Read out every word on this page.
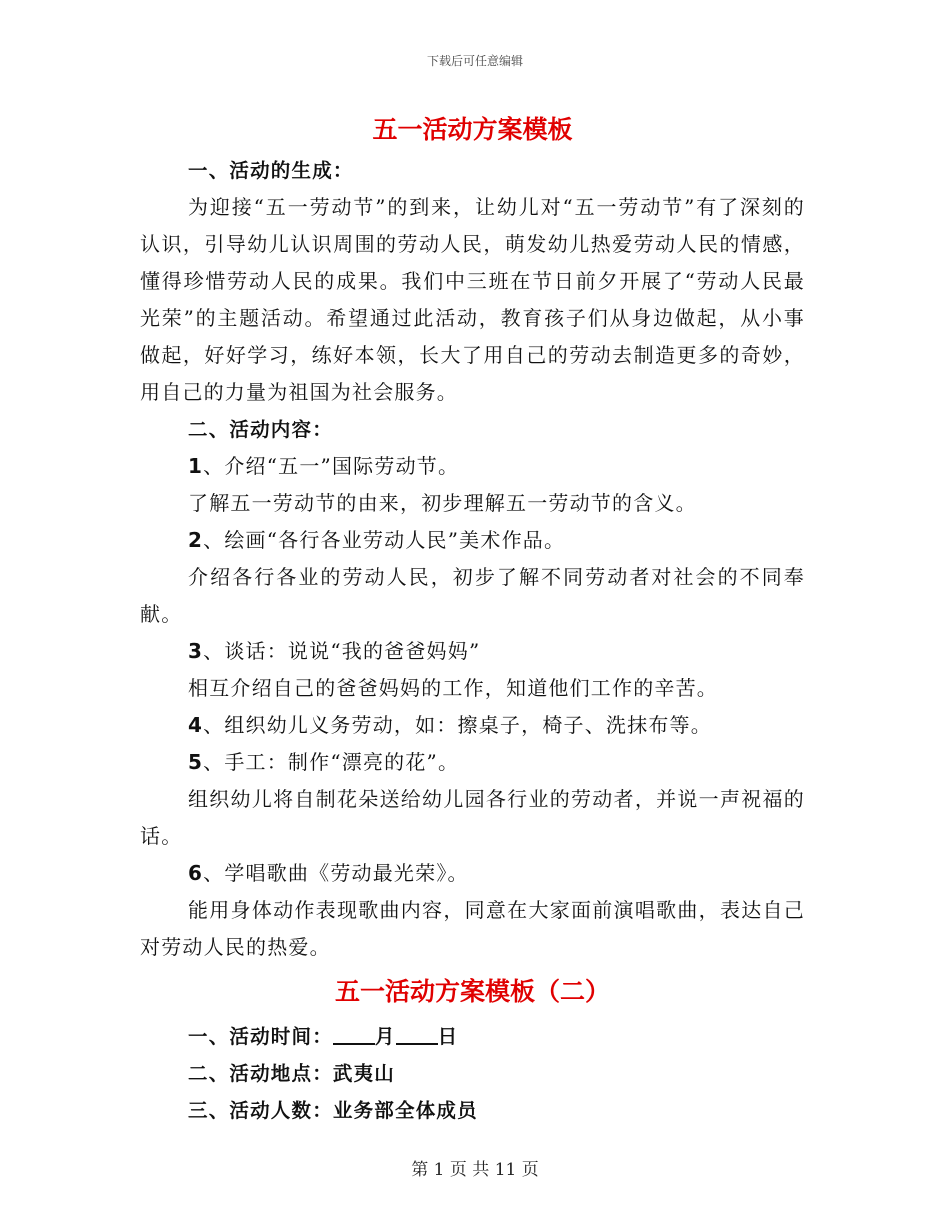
下载后可任意编辑
五一活动方案模板

一、活动的生成：

为迎接“五一劳动节”的到来，让幼儿对“五一劳动节”有了深刻的认识，引导幼儿认识周围的劳动人民，萌发幼儿热爱劳动人民的情感，懂得珍惜劳动人民的成果。我们中三班在节日前夕开展了“劳动人民最光荣”的主题活动。希望通过此活动，教育孩子们从身边做起，从小事做起，好好学习，练好本领，长大了用自己的劳动去制造更多的奇妙，用自己的力量为祖国为社会服务。

二、活动内容：

1、介绍“五一”国际劳动节。

了解五一劳动节的由来，初步理解五一劳动节的含义。

2、绘画“各行各业劳动人民”美术作品。

介绍各行各业的劳动人民，初步了解不同劳动者对社会的不同奉献。

3、谈话：说说“我的爸爸妈妈”

相互介绍自己的爸爸妈妈的工作，知道他们工作的辛苦。

4、组织幼儿义务劳动，如：擦桌子，椅子、洗抹布等。

5、手工：制作“漂亮的花”。

组织幼儿将自制花朵送给幼儿园各行业的劳动者，并说一声祝福的话。

6、学唱歌曲《劳动最光荣》。

能用身体动作表现歌曲内容，同意在大家面前演唱歌曲，表达自己对劳动人民的热爱。

五一活动方案模板（二）

一、活动时间： 月 日

二、活动地点：武夷山

三、活动人数：业务部全体成员

第 1 页 共 11 页
